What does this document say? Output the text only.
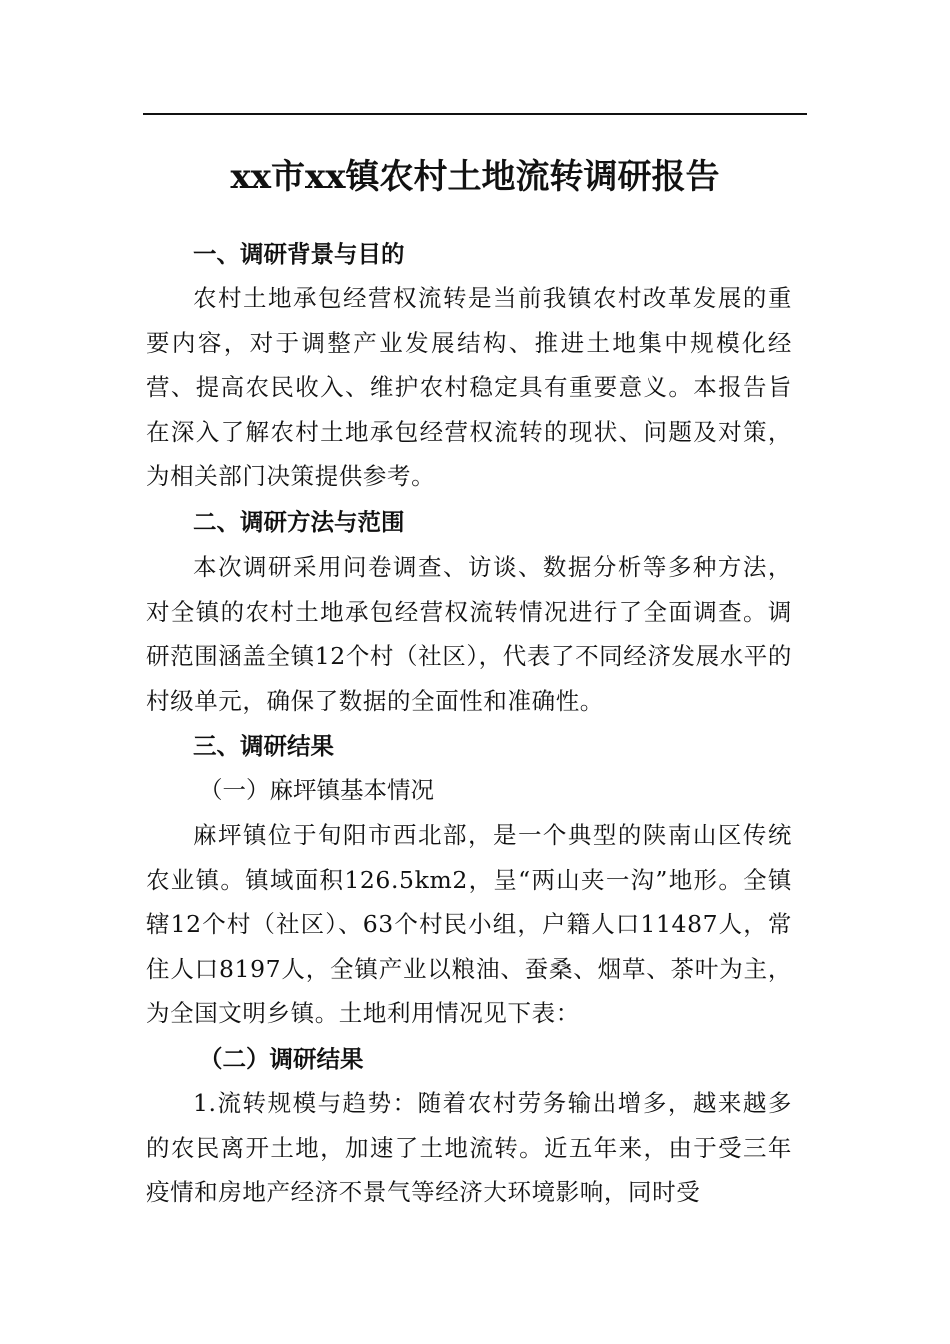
xx市xx镇农村土地流转调研报告
一、调研背景与目的

农村土地承包经营权流转是当前我镇农村改革发展的重要内容，对于调整产业发展结构、推进土地集中规模化经营、提高农民收入、维护农村稳定具有重要意义。本报告旨在深入了解农村土地承包经营权流转的现状、问题及对策，为相关部门决策提供参考。

二、调研方法与范围

本次调研采用问卷调查、访谈、数据分析等多种方法，对全镇的农村土地承包经营权流转情况进行了全面调查。调研范围涵盖全镇12个村（社区），代表了不同经济发展水平的村级单元，确保了数据的全面性和准确性。

三、调研结果
（一）麻坪镇基本情况

麻坪镇位于旬阳市西北部，是一个典型的陕南山区传统农业镇。镇域面积126.5km2，呈“两山夹一沟”地形。全镇辖12个村（社区）、63个村民小组，户籍人口11487人，常住人口8197人，全镇产业以粮油、蚕桑、烟草、茶叶为主，为全国文明乡镇。土地利用情况见下表：

（二）调研结果

1.流转规模与趋势：随着农村劳务输出增多，越来越多的农民离开土地，加速了土地流转。近五年来，由于受三年疫情和房地产经济不景气等经济大环境影响，同时受
